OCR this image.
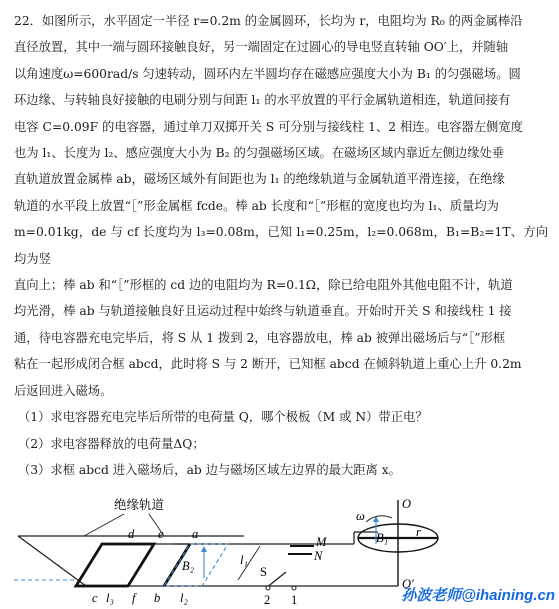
22．如图所示，水平固定一半径 r=0.2m 的金属圆环，长均为 r，电阻均为 R₀ 的两金属棒沿
直径放置，其中一端与圆环接触良好，另一端固定在过圆心的导电竖直转轴 OO′上，并随轴
以角速度ω=600rad/s 匀速转动，圆环内左半圆均存在磁感应强度大小为 B₁ 的匀强磁场。圆
环边缘、与转轴良好接触的电刷分别与间距 l₁ 的水平放置的平行金属轨道相连，轨道间接有
电容 C=0.09F 的电容器，通过单刀双掷开关 S 可分别与接线柱 1、2 相连。电容器左侧宽度
也为 l₁、长度为 l₂、感应强度大小为 B₂ 的匀强磁场区域。在磁场区域内靠近左侧边缘处垂
直轨道放置金属棒 ab，磁场区域外有间距也为 l₁ 的绝缘轨道与金属轨道平滑连接，在绝缘
轨道的水平段上放置“［”形金属框 fcde。棒 ab 长度和“［”形框的宽度也均为 l₁、质量均为
m=0.01kg，de 与 cf 长度均为 l₃=0.08m，已知 l₁=0.25m，l₂=0.068m，B₁=B₂=1T、方向均为竖
直向上；棒 ab 和“［”形框的 cd 边的电阻均为 R=0.1Ω，除已给电阻外其他电阻不计，轨道
均光滑，棒 ab 与轨道接触良好且运动过程中始终与轨道垂直。开始时开关 S 和接线柱 1 接
通，待电容器充电完毕后，将 S 从 1 拨到 2，电容器放电，棒 ab 被弹出磁场后与“［”形框
粘在一起形成闭合框 abcd，此时将 S 与 2 断开，已知框 abcd 在倾斜轨道上重心上升 0.2m
后返回进入磁场。

（1）求电容器充电完毕后所带的电荷量 Q，哪个极板（M 或 N）带正电？

（2）求电容器释放的电荷量ΔQ；

（3）求框 abcd 进入磁场后，ab 边与磁场区域左边界的最大距离 x。

绝缘轨道
d e a
c l₃ f b l₂
B₂	l₁
M
N
S
2 1
B₁ r
ω
O
O′
孙波老师@ihaining.cn
